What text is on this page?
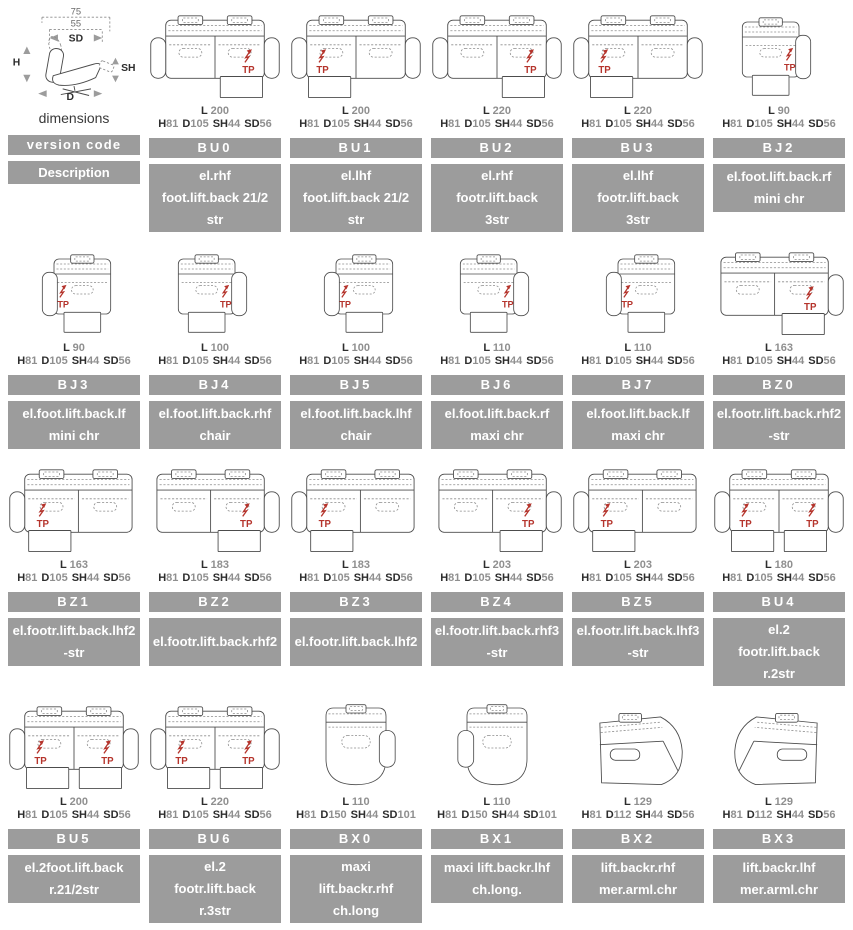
75
55
SD
H
SH
D
dimensions
version code
Description
TP
L 200
H81 D105 SH44 SD56
BU0
el.rhf
foot.lift.back 21/2
str
TP
L 200
H81 D105 SH44 SD56
BU1
el.lhf
foot.lift.back 21/2
str
TP
L 220
H81 D105 SH44 SD56
BU2
el.rhf
footr.lift.back
3str
TP
L 220
H81 D105 SH44 SD56
BU3
el.lhf
footr.lift.back
3str
TP
L 90
H81 D105 SH44 SD56
BJ2
el.foot.lift.back.rf
mini chr
TP
L 90
H81 D105 SH44 SD56
BJ3
el.foot.lift.back.lf
mini chr
TP
L 100
H81 D105 SH44 SD56
BJ4
el.foot.lift.back.rhf
chair
TP
L 100
H81 D105 SH44 SD56
BJ5
el.foot.lift.back.lhf
chair
TP
L 110
H81 D105 SH44 SD56
BJ6
el.foot.lift.back.rf
maxi chr
TP
L 110
H81 D105 SH44 SD56
BJ7
el.foot.lift.back.lf
maxi chr
TP
L 163
H81 D105 SH44 SD56
BZ0
el.footr.lift.back.rhf2
-str
TP
L 163
H81 D105 SH44 SD56
BZ1
el.footr.lift.back.lhf2
-str
TP
L 183
H81 D105 SH44 SD56
BZ2
el.footr.lift.back.rhf2
TP
L 183
H81 D105 SH44 SD56
BZ3
el.footr.lift.back.lhf2
TP
L 203
H81 D105 SH44 SD56
BZ4
el.footr.lift.back.rhf3
-str
TP
L 203
H81 D105 SH44 SD56
BZ5
el.footr.lift.back.lhf3
-str
TP	TP
L 180
H81 D105 SH44 SD56
BU4
el.2
footr.lift.back
r.2str
TP	TP
L 200
H81 D105 SH44 SD56
BU5
el.2foot.lift.back
r.21/2str
TP	TP
L 220
H81 D105 SH44 SD56
BU6
el.2
footr.lift.back
r.3str
L 110
H81 D150 SH44 SD101
BX0
maxi
lift.backr.rhf
ch.long
L 110
H81 D150 SH44 SD101
BX1
maxi lift.backr.lhf
ch.long.
L 129
H81 D112 SH44 SD56
BX2
lift.backr.rhf
mer.arml.chr
L 129
H81 D112 SH44 SD56
BX3
lift.backr.lhf
mer.arml.chr
